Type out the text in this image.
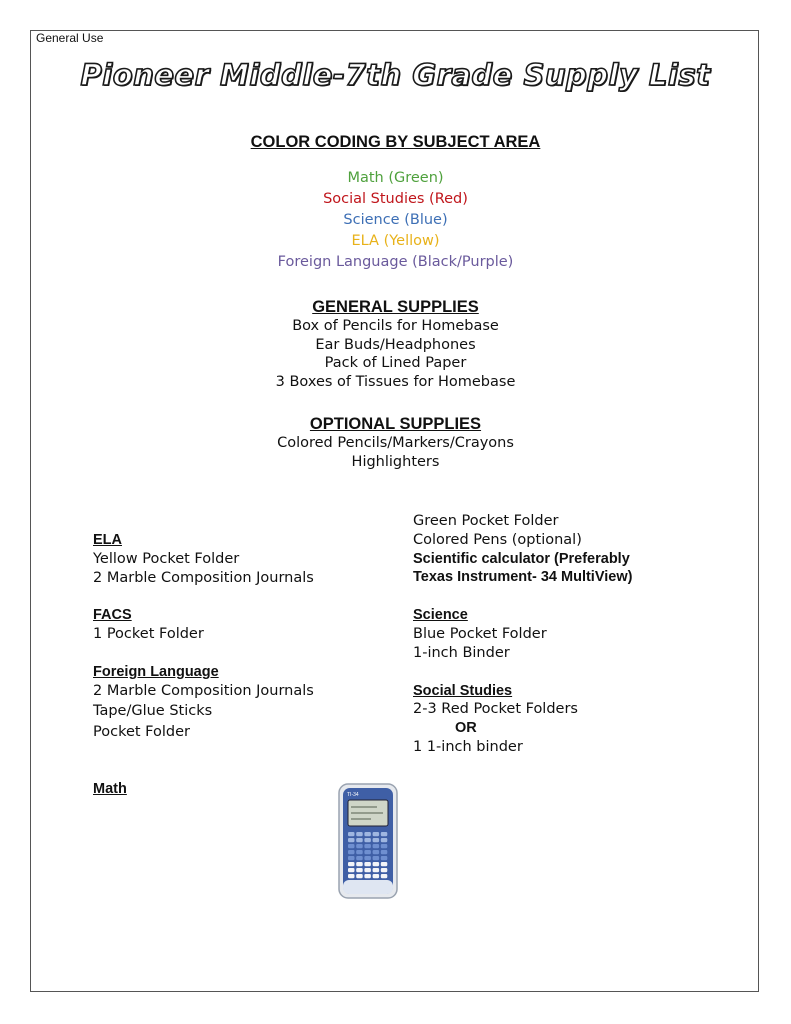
General Use
Pioneer Middle-7th Grade Supply List
COLOR CODING BY SUBJECT AREA
Math (Green)
Social Studies (Red)
Science (Blue)
ELA (Yellow)
Foreign Language (Black/Purple)
GENERAL SUPPLIES
Box of Pencils for Homebase
Ear Buds/Headphones
Pack of Lined Paper
3 Boxes of Tissues for Homebase
OPTIONAL SUPPLIES
Colored Pencils/Markers/Crayons
Highlighters
ELA
Yellow Pocket Folder
2 Marble Composition Journals
FACS
1 Pocket Folder
Foreign Language
2 Marble Composition Journals
Tape/Glue Sticks
Pocket Folder
Math
Green Pocket Folder
Colored Pens (optional)
Scientific calculator (Preferably
Texas Instrument- 34 MultiView)
Science
Blue Pocket Folder
1-inch Binder
Social Studies
2-3 Red Pocket Folders
OR
1 1-inch binder
TI-34
